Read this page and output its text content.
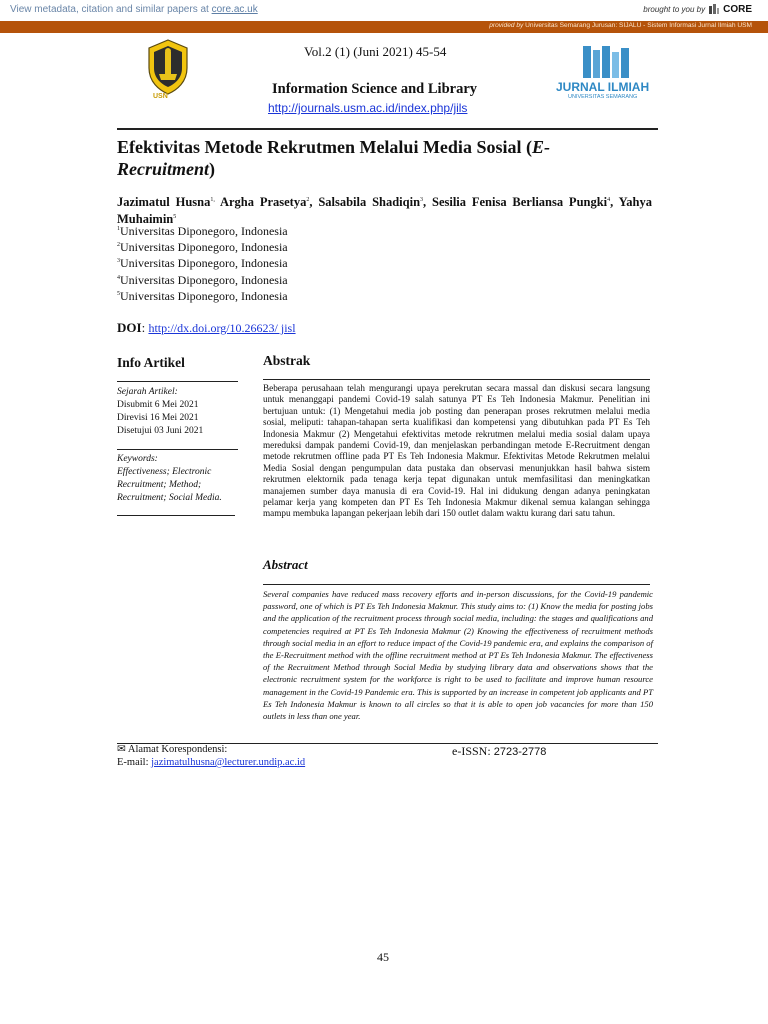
View metadata, citation and similar papers at core.ac.uk	brought to you by CORE
provided by Universitas Semarang Jurusan: SIJALU - Sistem Informasi Jurnal Ilmiah USM
USN
Vol.2 (1) (Juni 2021) 45-54
Information Science and Library
http://journals.usm.ac.id/index.php/jils
JURNAL ILMIAH
UNIVERSITAS SEMARANG
Efektivitas Metode Rekrutmen Melalui Media Sosial (E-Recruitment)
Jazimatul Husna$^{1,}$ Argha Prasetya$^2$, Salsabila Shadiqin$^3$, Sesilia Fenisa Berliansa Pungki$^4$, Yahya Muhaimin$^5$
$^1$Universitas Diponegoro, Indonesia
$^2$Universitas Diponegoro, Indonesia
$^3$Universitas Diponegoro, Indonesia
$^4$Universitas Diponegoro, Indonesia
$^5$Universitas Diponegoro, Indonesia
DOI: http://dx.doi.org/10.26623/ jisl
Info Artikel
Sejarah Artikel:
Disubmit 6 Mei 2021
Direvisi 16 Mei 2021
Disetujui 03 Juni 2021
Keywords:
Effectiveness; Electronic
Recruitment; Method;
Recruitment; Social Media.
Abstrak
Beberapa perusahaan telah mengurangi upaya perekrutan secara massal dan diskusi secara langsung untuk menanggapi pandemi Covid-19 salah satunya PT Es Teh Indonesia Makmur. Penelitian ini bertujuan untuk: (1) Mengetahui media job posting dan penerapan proses rekrutmen melalui media sosial, meliputi: tahapan-tahapan serta kualifikasi dan kompetensi yang dibutuhkan pada PT Es Teh Indonesia Makmur (2) Mengetahui efektivitas metode rekrutmen melalui media sosial dalam upaya mereduksi dampak pandemi Covid-19, dan menjelaskan perbandingan metode E-Recruitment dengan metode rekrutmen offline pada PT Es Teh Indonesia Makmur. Efektivitas Metode Rekrutmen melalui Media Sosial dengan pengumpulan data pustaka dan observasi menunjukkan hasil bahwa sistem rekrutmen elektornik pada tenaga kerja tepat digunakan untuk memfasilitasi dan meningkatkan manajemen sumber daya manusia di era Covid-19. Hal ini didukung dengan adanya peningkatan pelamar kerja yang kompeten dan PT Es Teh Indonesia Makmur dikenal semua kalangan sehingga mampu membuka lapangan pekerjaan lebih dari 150 outlet dalam waktu kurang dari satu tahun.
Abstract
Several companies have reduced mass recovery efforts and in-person discussions, for the Covid-19 pandemic password, one of which is PT Es Teh Indonesia Makmur. This study aims to: (1) Know the media for posting jobs and the application of the recruitment process through social media, including: the stages and qualifications and competencies required at PT Es Teh Indonesia Makmur (2) Knowing the effectiveness of recruitment methods through social media in an effort to reduce impact of the Covid-19 pandemic era, and explains the comparison of the E-Recruitment method with the offline recruitment method at PT Es Teh Indonesia Makmur. The effectiveness of the Recruitment Method through Social Media by studying library data and observations shows that the electronic recruitment system for the workforce is right to be used to facilitate and improve human resource management in the Covid-19 Pandemic era. This is supported by an increase in competent job applicants and PT Es Teh Indonesia Makmur is known to all circles so that it is able to open job vacancies for more than 150 outlets in less than one year.
✉ Alamat Korespondensi:
E-mail: jazimatulhusna@lecturer.undip.ac.id
e-ISSN: 2723-2778
45
